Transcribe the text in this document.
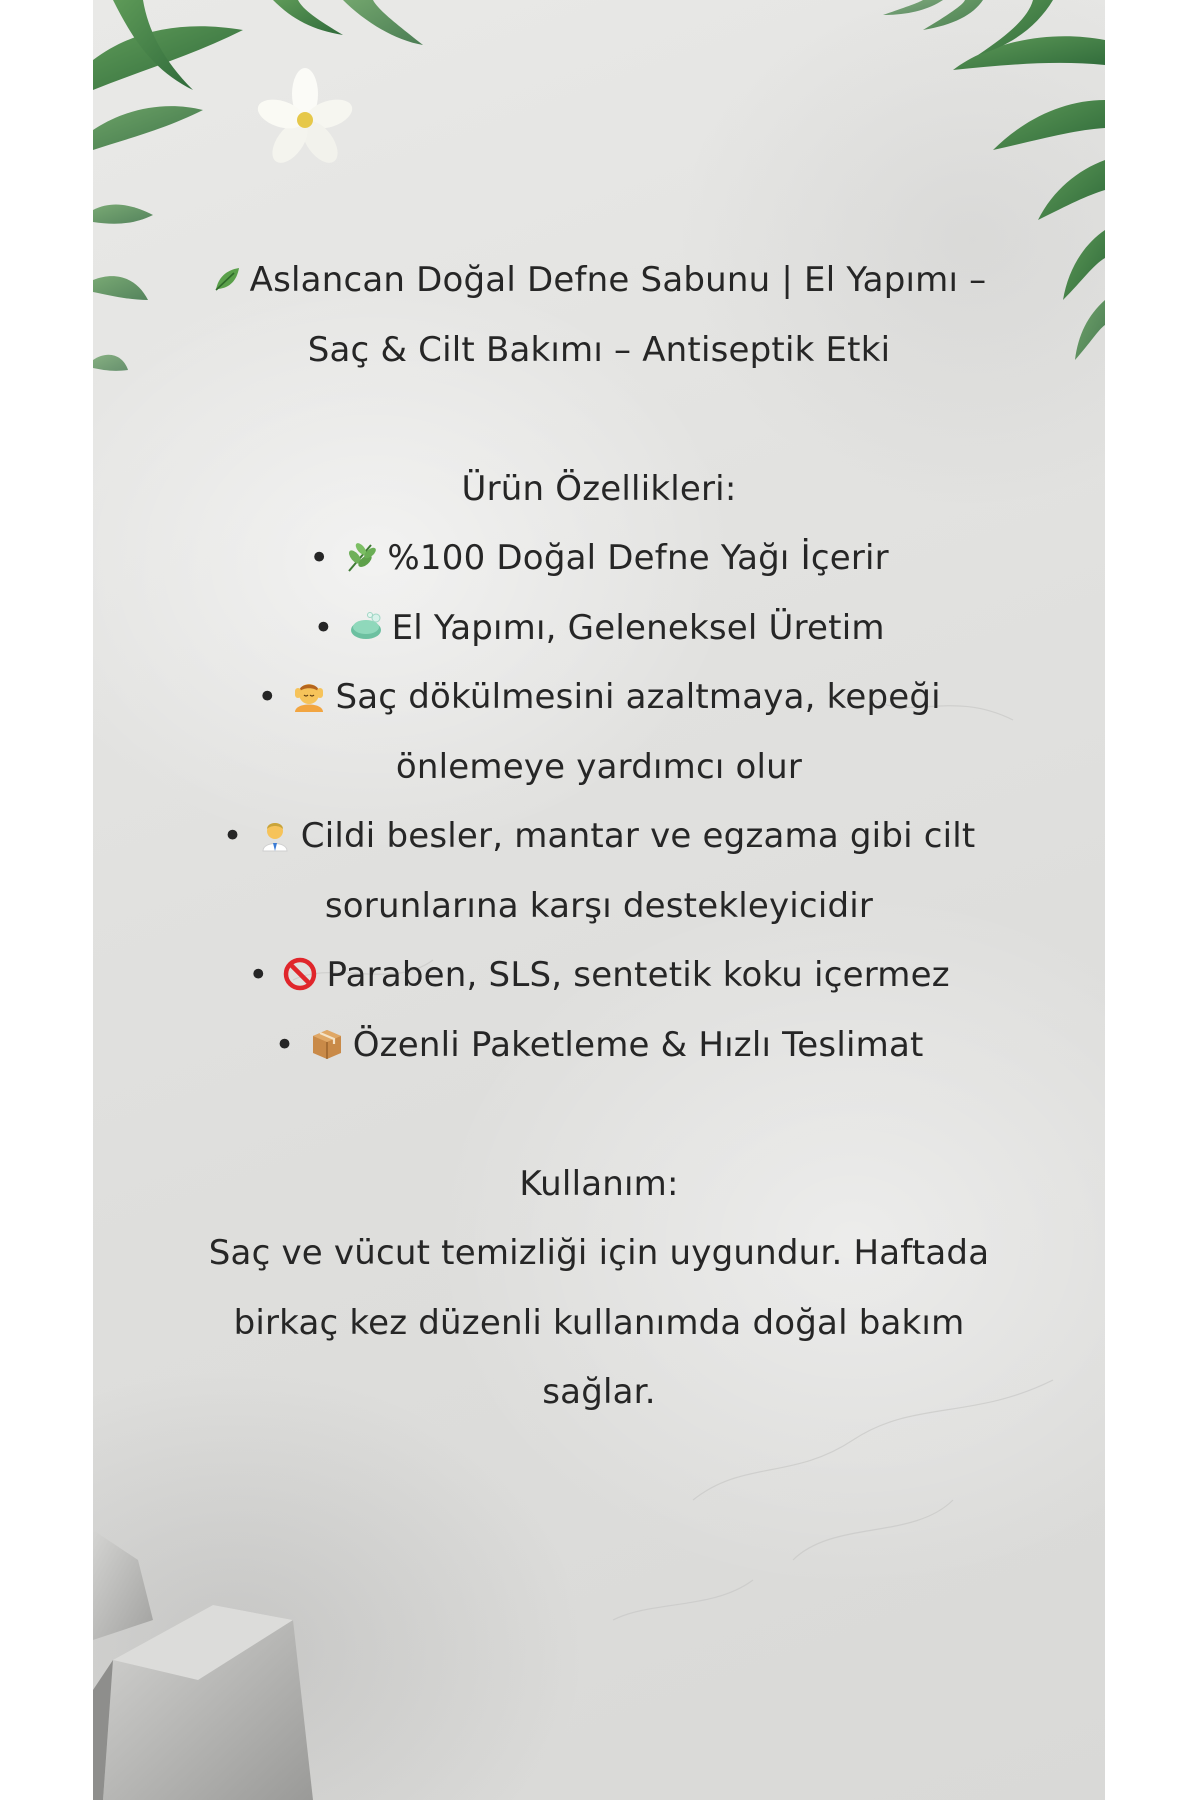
Aslancan Doğal Defne Sabunu | El Yapımı –
Saç & Cilt Bakımı – Antiseptik Etki
Ürün Özellikleri:
• %100 Doğal Defne Yağı İçerir
• El Yapımı, Geleneksel Üretim
• Saç dökülmesini azaltmaya, kepeği
önlemeye yardımcı olur
• Cildi besler, mantar ve egzama gibi cilt
sorunlarına karşı destekleyicidir
• Paraben, SLS, sentetik koku içermez
• Özenli Paketleme & Hızlı Teslimat
Kullanım:
Saç ve vücut temizliği için uygundur. Haftada
birkaç kez düzenli kullanımda doğal bakım
sağlar.
